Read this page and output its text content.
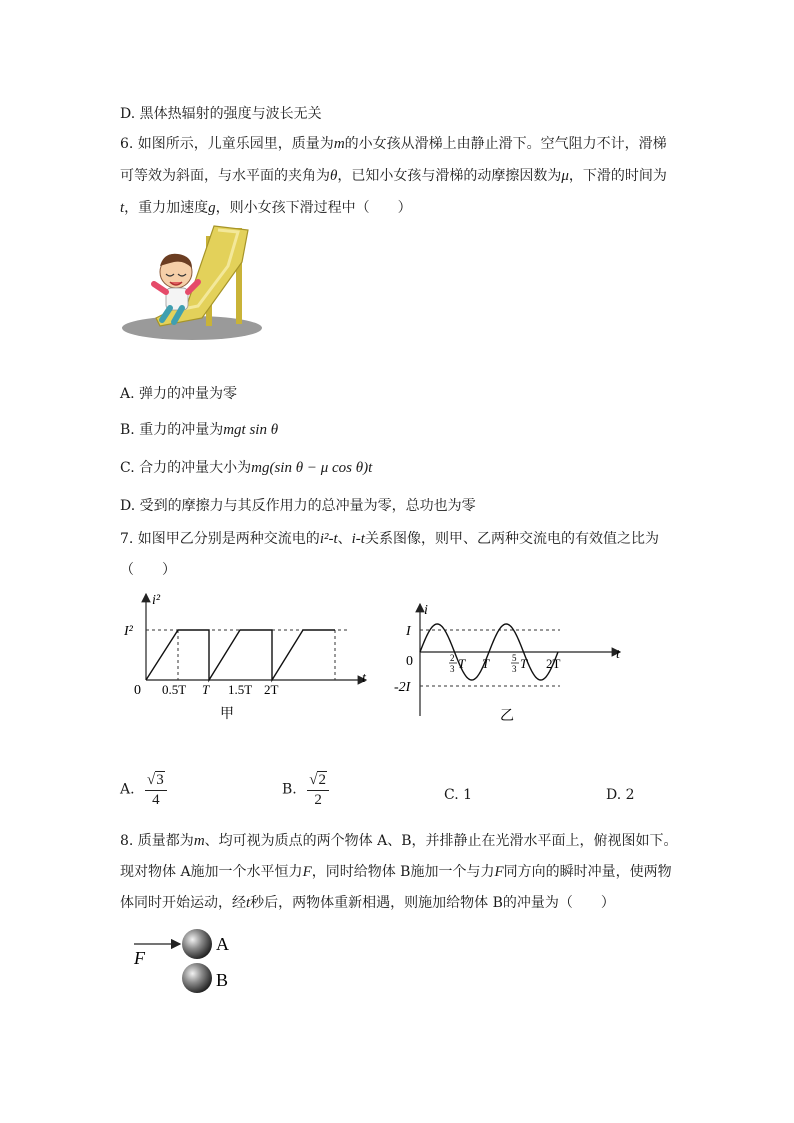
D. 黑体热辐射的强度与波长无关
6. 如图所示，儿童乐园里，质量为m的小女孩从滑梯上由静止滑下。空气阻力不计，滑梯
可等效为斜面，与水平面的夹角为θ，已知小女孩与滑梯的动摩擦因数为μ，下滑的时间为
t，重力加速度g，则小女孩下滑过程中（　　）
A. 弹力的冲量为零
B. 重力的冲量为mgt sin θ
C. 合力的冲量大小为mg(sin θ − μ cos θ)t
D. 受到的摩擦力与其反作用力的总冲量为零，总功也为零
7. 如图甲乙分别是两种交流电的i²-t、i-t关系图像，则甲、乙两种交流电的有效值之比为
（　　）
i²
I²
0
t
0.5T T 1.5T 2T
甲
i
I
0
-2I
t
2
3 T T	5
3 T 2T
乙
A. $\frac{√3}{4}$	B. $\frac{√2}{2}$	C. 1	D. 2
8. 质量都为m、均可视为质点的两个物体 A、B，并排静止在光滑水平面上，俯视图如下。
现对物体 A施加一个水平恒力F，同时给物体 B施加一个与力F同方向的瞬时冲量，使两物
体同时开始运动，经t秒后，两物体重新相遇，则施加给物体 B的冲量为（　　）
F
A
B
